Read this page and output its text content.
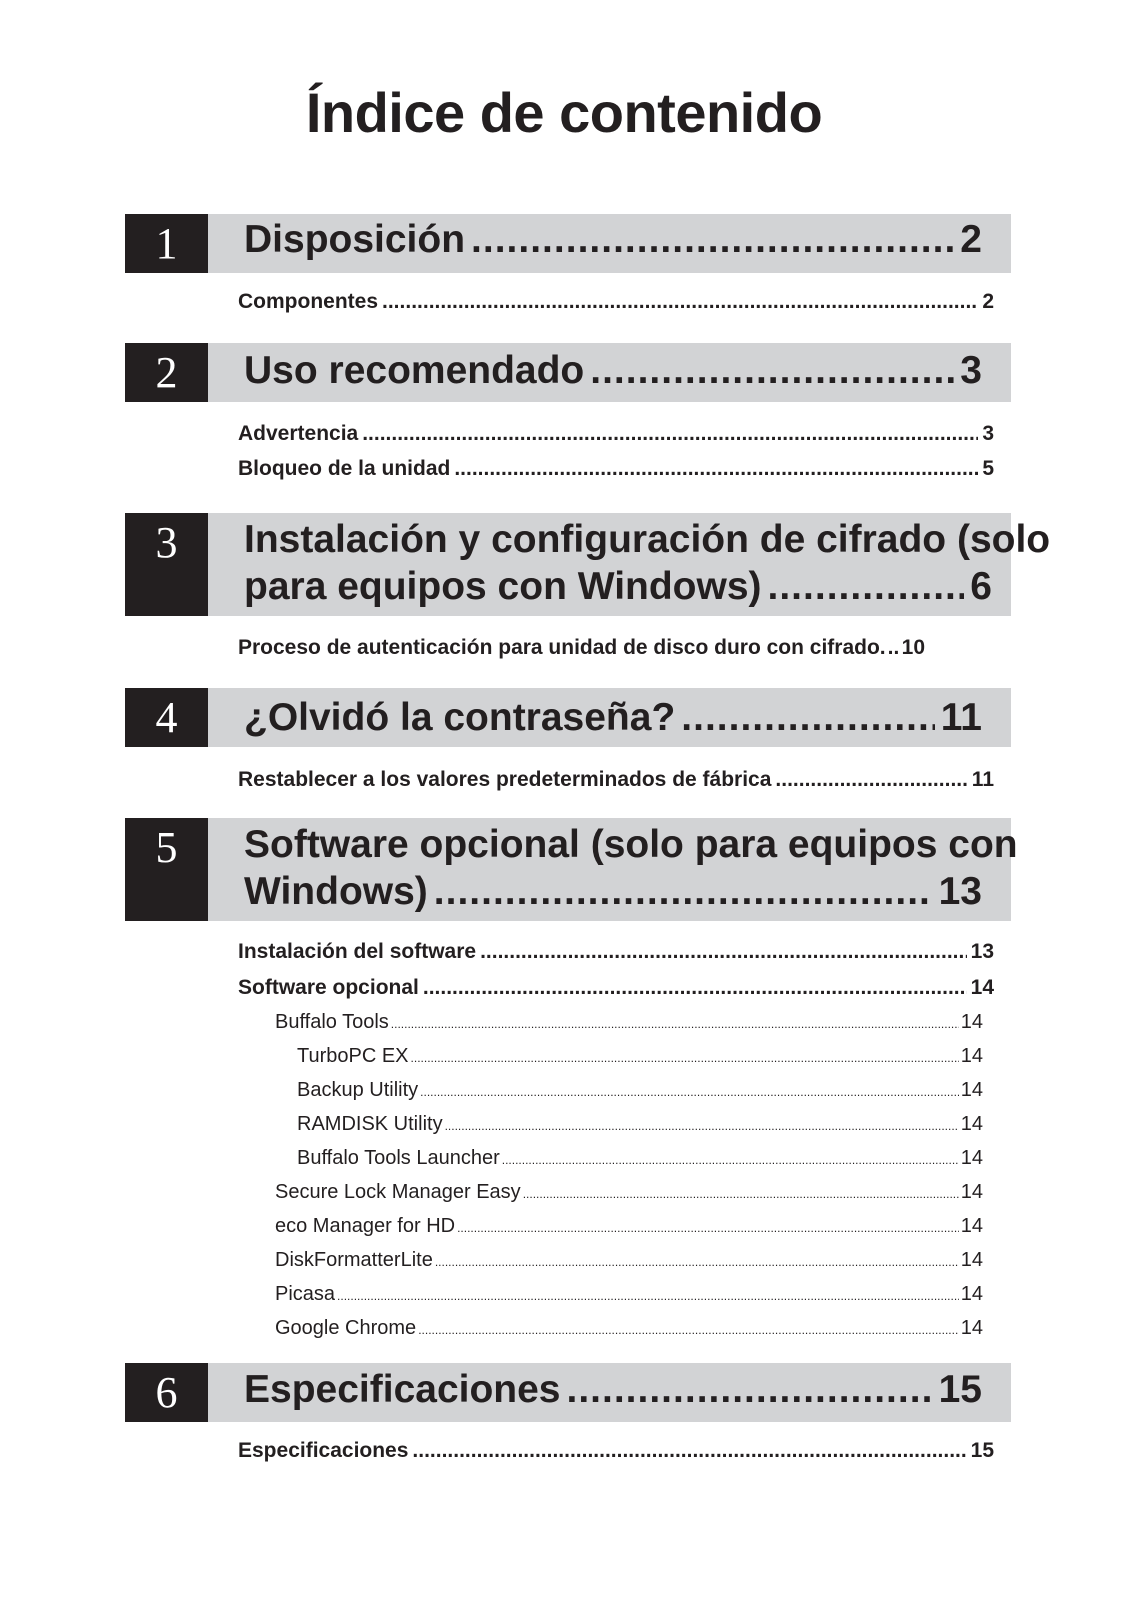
Índice de contenido
1	Disposición .....	2
Componentes .....	2
2	Uso recomendado .....	3
Advertencia .....	3
Bloqueo de la unidad .....	5
3	Instalación y configuración de cifrado (solo
para equipos con Windows) .....	6
Proceso de autenticación para unidad de disco duro con cifrado. ..... 10
4	¿Olvidó la contraseña? .....	11
Restablecer a los valores predeterminados de fábrica .....	11
5	Software opcional (solo para equipos con
Windows) .....	13
Instalación del software .....	13
Software opcional .....	14
Buffalo Tools .....	14
TurboPC EX .....	14
Backup Utility .....	14
RAMDISK Utility .....	14
Buffalo Tools Launcher .....	14
Secure Lock Manager Easy .....	14
eco Manager for HD .....	14
DiskFormatterLite .....	14
Picasa .....	14
Google Chrome .....	14
6	Especificaciones .....	15
Especificaciones .....	15
